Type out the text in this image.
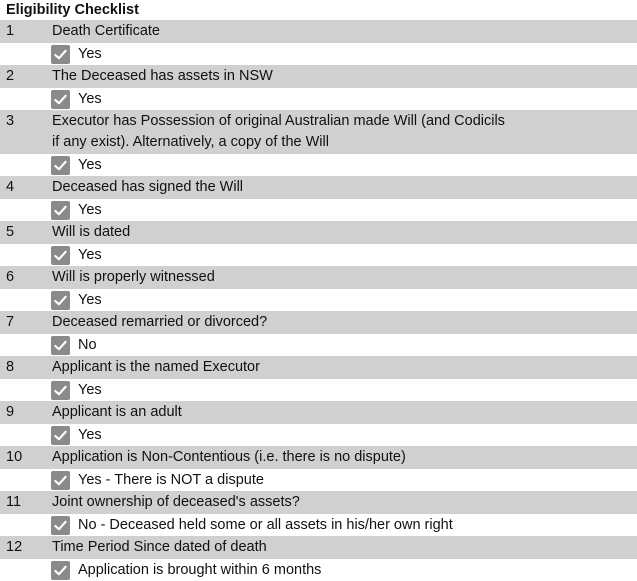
Eligibility Checklist
1	Death Certificate
Yes
2	The Deceased has assets in NSW
Yes
3	Executor has Possession of original Australian made Will (and Codicils if any exist). Alternatively, a copy of the Will
Yes
4	Deceased has signed the Will
Yes
5	Will is dated
Yes
6	Will is properly witnessed
Yes
7	Deceased remarried or divorced?
No
8	Applicant is the named Executor
Yes
9	Applicant is an adult
Yes
10	Application is Non-Contentious (i.e. there is no dispute)
Yes - There is NOT a dispute
11	Joint ownership of deceased's assets?
No - Deceased held some or all assets in his/her own right
12	Time Period Since dated of death
Application is brought within 6 months
